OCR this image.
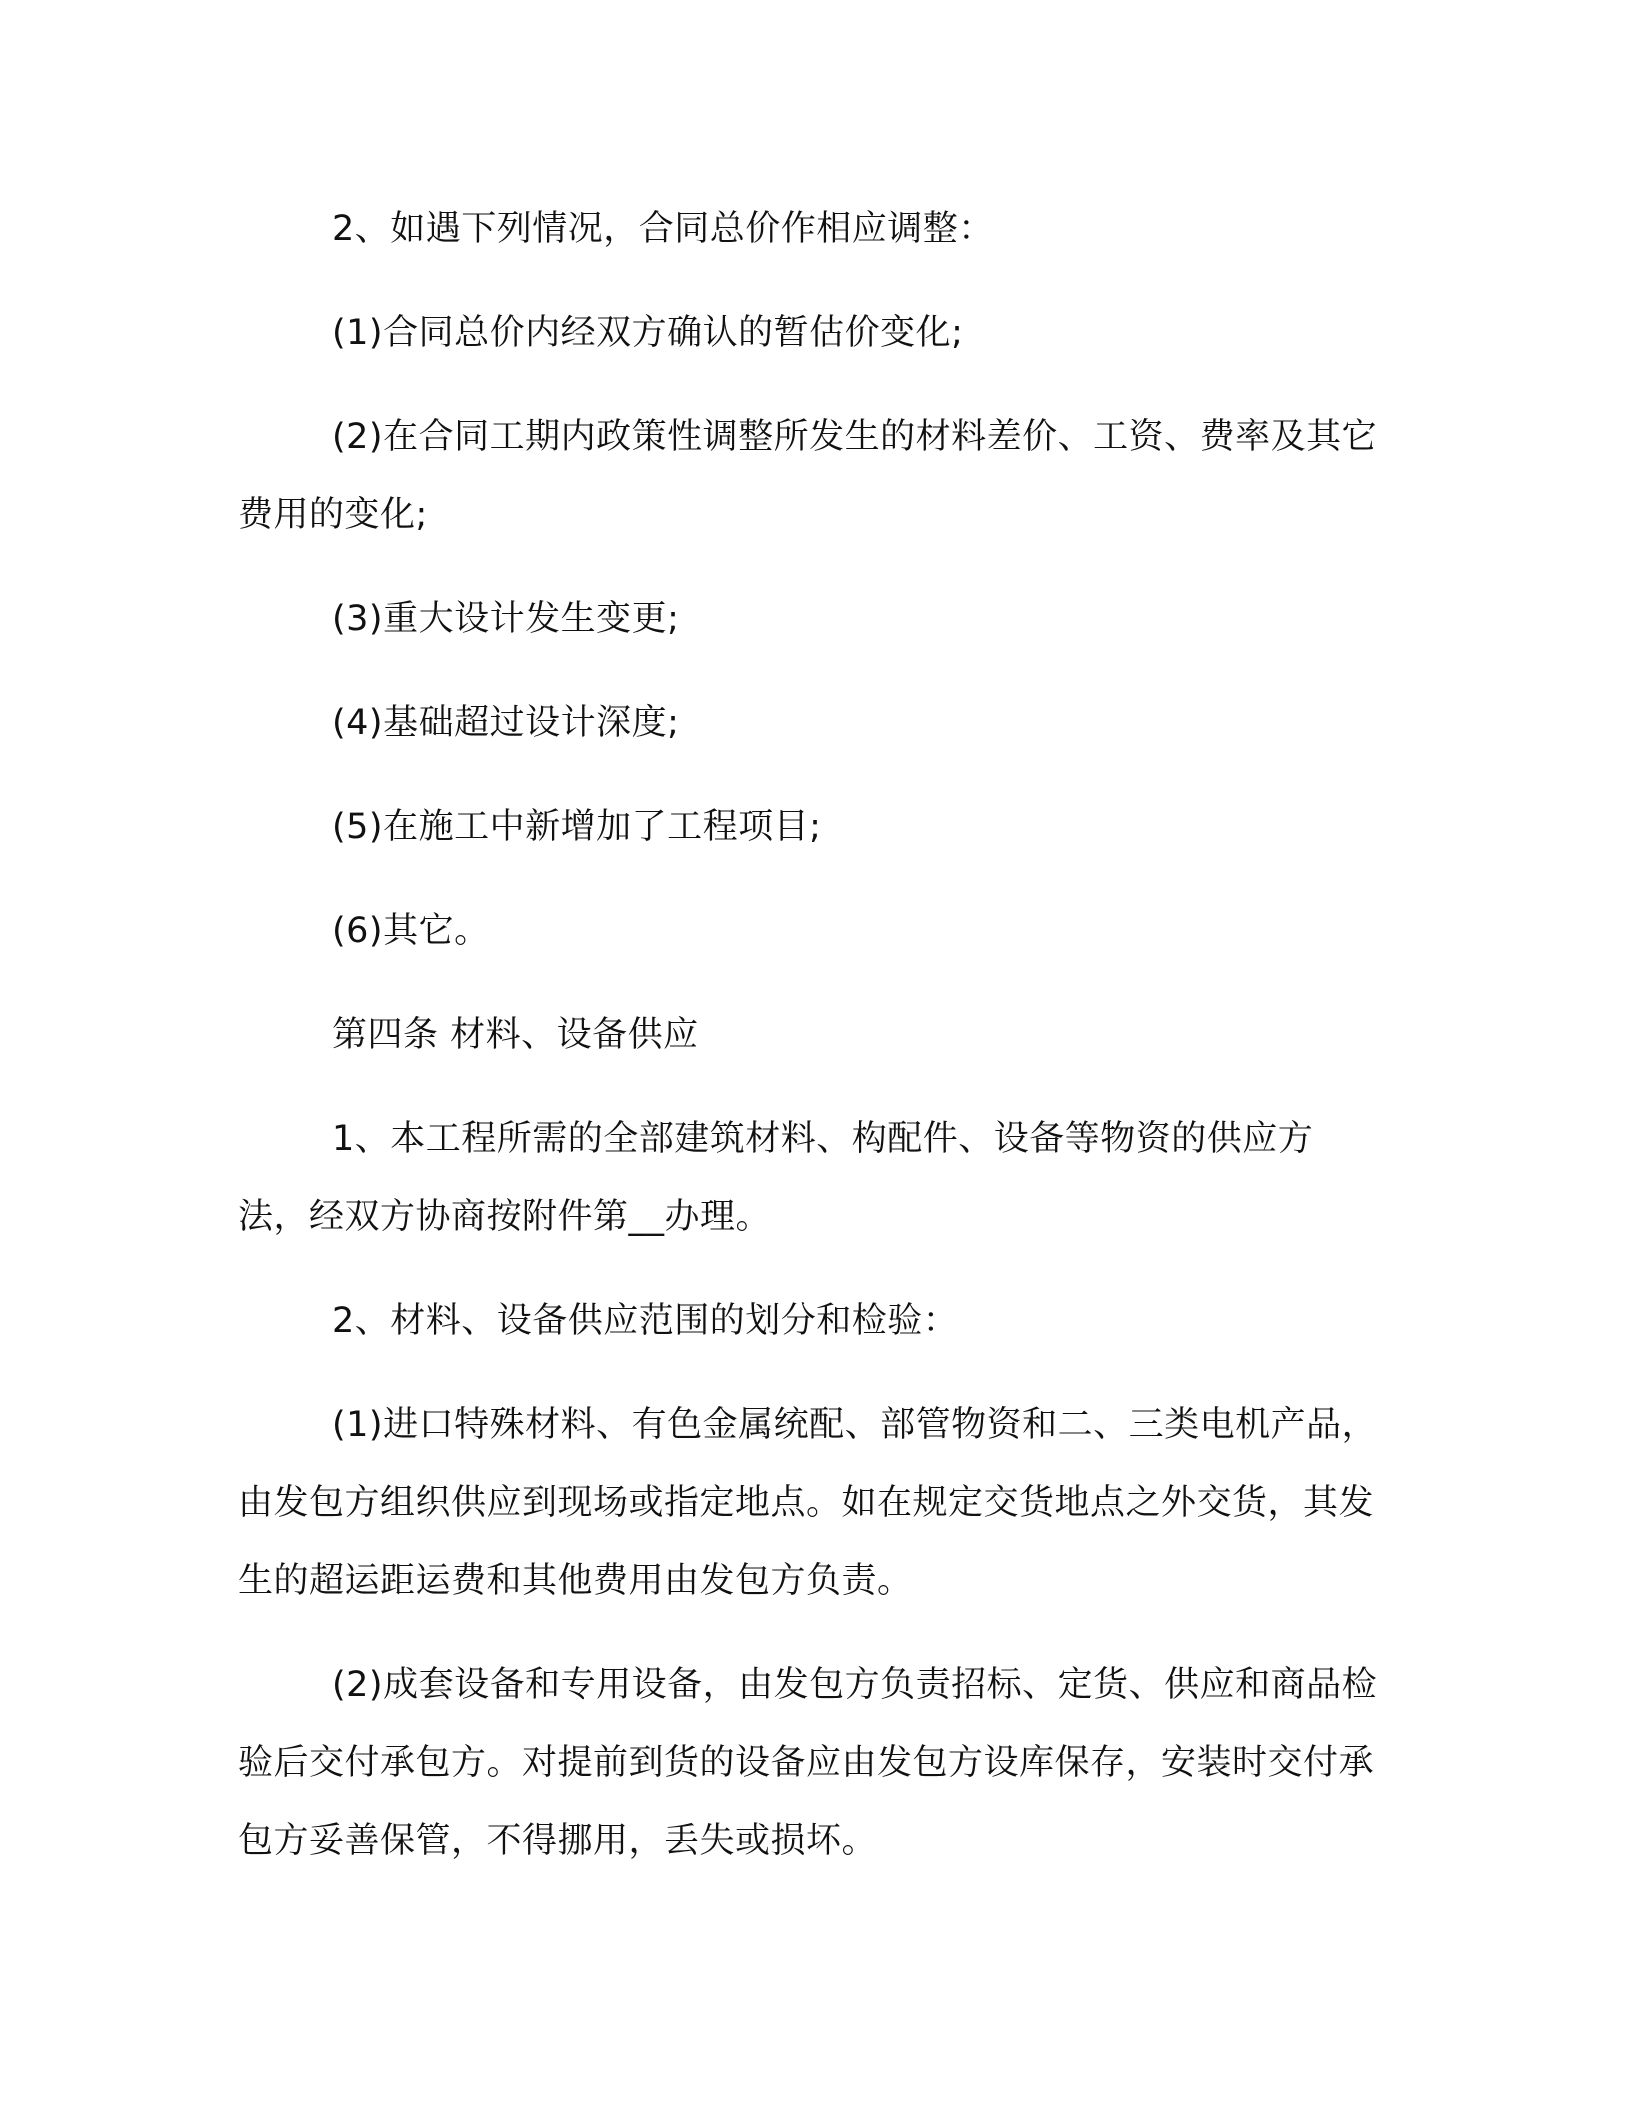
2、如遇下列情况，合同总价作相应调整：

(1)合同总价内经双方确认的暂估价变化;

(2)在合同工期内政策性调整所发生的材料差价、工资、费率及其它费用的变化;

(3)重大设计发生变更;

(4)基础超过设计深度;

(5)在施工中新增加了工程项目;

(6)其它。

第四条 材料、设备供应

1、本工程所需的全部建筑材料、构配件、设备等物资的供应方法，经双方协商按附件第__办理。

2、材料、设备供应范围的划分和检验：

(1)进口特殊材料、有色金属统配、部管物资和二、三类电机产品，由发包方组织供应到现场或指定地点。如在规定交货地点之外交货，其发生的超运距运费和其他费用由发包方负责。

(2)成套设备和专用设备，由发包方负责招标、定货、供应和商品检验后交付承包方。对提前到货的设备应由发包方设库保存，安装时交付承包方妥善保管，不得挪用，丢失或损坏。
